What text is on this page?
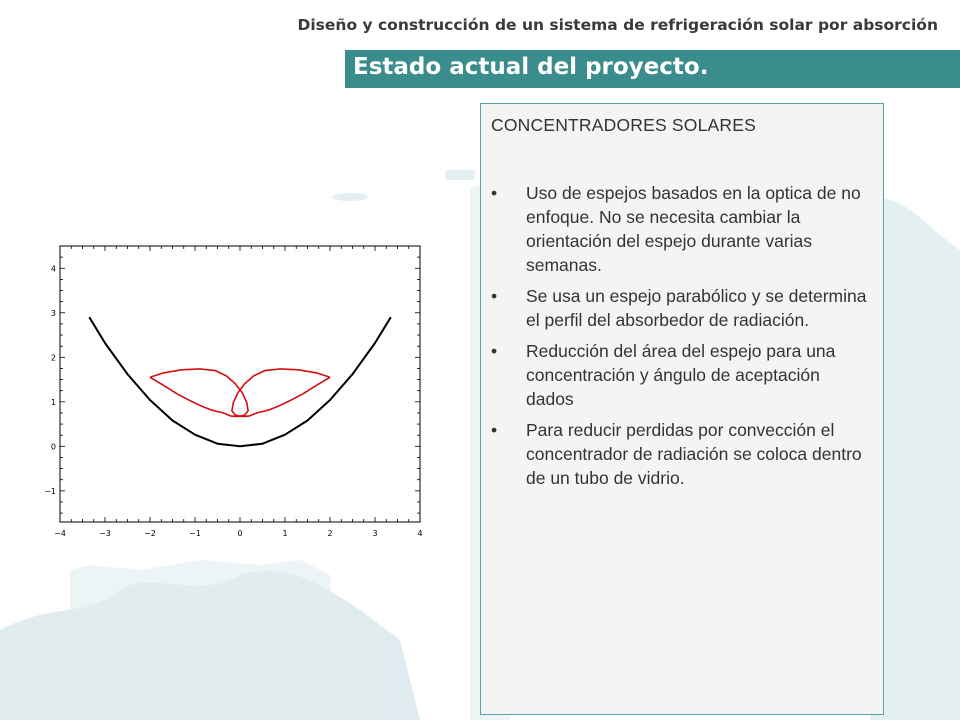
Diseño y construcción de un sistema de refrigeración solar por absorción
Estado actual del proyecto.
−4	−3	−2	−1	0	1	2	3	4
−1
0
1
2
3
4
CONCENTRADORES SOLARES
• Uso de espejos basados en la optica de no enfoque. No se necesita cambiar la orientación del espejo durante varias semanas.
• Se usa un espejo parabólico y se determina el perfil del absorbedor de radiación.
• Reducción del área del espejo para una concentración y ángulo de aceptación dados
• Para reducir perdidas por convección el concentrador de radiación se coloca dentro de un tubo de vidrio.
